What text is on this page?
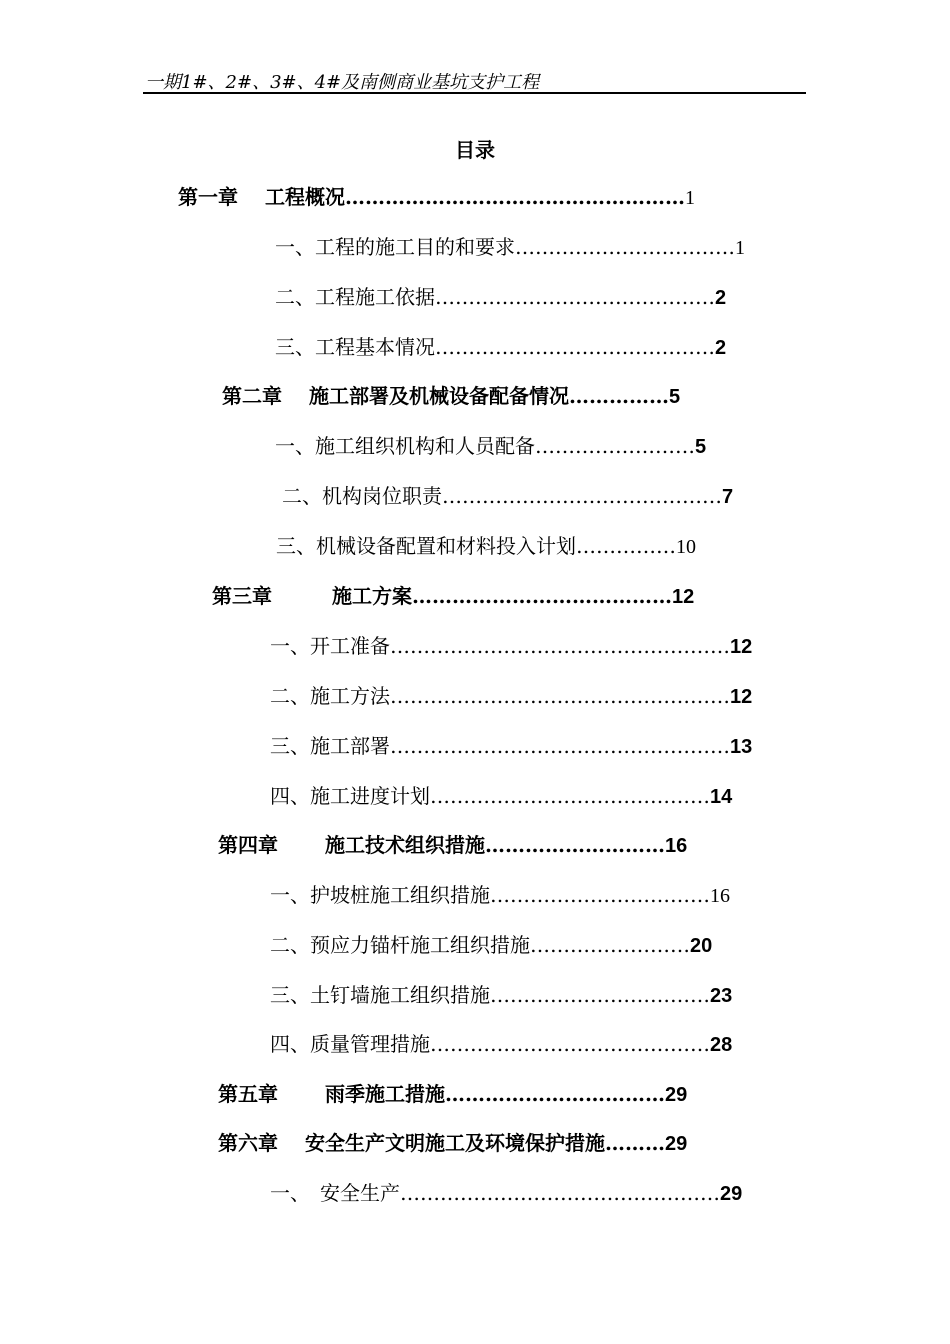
一期1#、2#、3#、4#及南侧商业基坑支护工程
目录
第一章　 工程概况……………………………………………1
一、工程的施工目的和要求……………………………1
二、工程施工依据……………………………………2
三、工程基本情况……………………………………2
第二章　 施工部署及机械设备配备情况……………5
一、施工组织机构和人员配备……………………5
二、机构岗位职责……………………………………7
三、机械设备配置和材料投入计划……………10
第三章　　　施工方案…………………………………12
一、开工准备……………………………………………12
二、施工方法……………………………………………12
三、施工部署……………………………………………13
四、施工进度计划……………………………………14
第四章　　 施工技术组织措施………………………16
一、护坡桩施工组织措施……………………………16
二、预应力锚杆施工组织措施……………………20
三、土钉墙施工组织措施……………………………23
四、质量管理措施……………………………………28
第五章　　 雨季施工措施……………………………29
第六章　 安全生产文明施工及环境保护措施………29
一、　安全生产…………………………………………29
